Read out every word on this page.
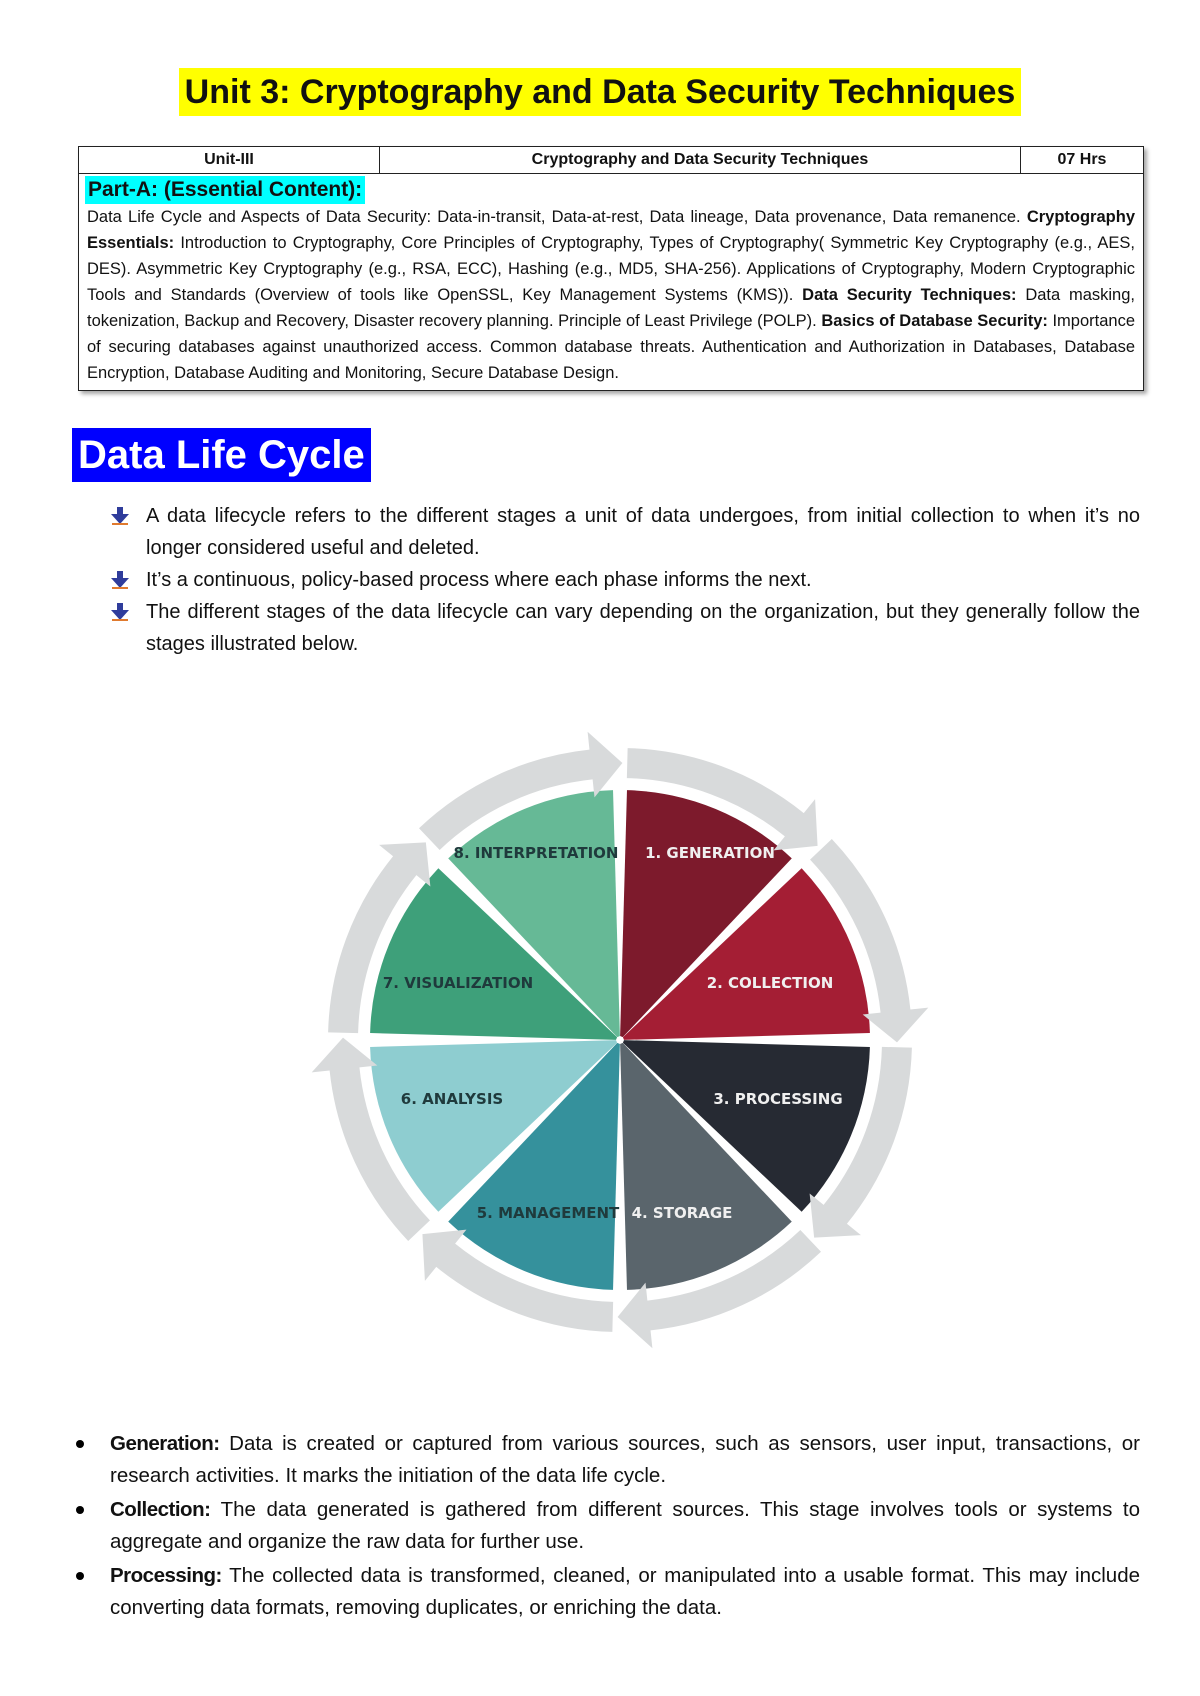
Unit 3: Cryptography and Data Security Techniques
Unit-III	Cryptography and Data Security Techniques	07 Hrs
Part-A: (Essential Content):

Data Life Cycle and Aspects of Data Security: Data-in-transit, Data-at-rest, Data lineage, Data provenance, Data remanence. Cryptography Essentials: Introduction to Cryptography, Core Principles of Cryptography, Types of Cryptography( Symmetric Key Cryptography (e.g., AES, DES). Asymmetric Key Cryptography (e.g., RSA, ECC), Hashing (e.g., MD5, SHA-256). Applications of Cryptography, Modern Cryptographic Tools and Standards (Overview of tools like OpenSSL, Key Management Systems (KMS)). Data Security Techniques: Data masking, tokenization, Backup and Recovery, Disaster recovery planning. Principle of Least Privilege (POLP). Basics of Database Security: Importance of securing databases against unauthorized access. Common database threats. Authentication and Authorization in Databases, Database Encryption, Database Auditing and Monitoring, Secure Database Design.

Data Life Cycle
A data lifecycle refers to the different stages a unit of data undergoes, from initial collection to when it’s no longer considered useful and deleted.
It’s a continuous, policy-based process where each phase informs the next.
The different stages of the data lifecycle can vary depending on the organization, but they generally follow the stages illustrated below.
1. GENERATION
2. COLLECTION
3. PROCESSING
4. STORAGE
5. MANAGEMENT
6. ANALYSIS
7. VISUALIZATION
8. INTERPRETATION
Generation: Data is created or captured from various sources, such as sensors, user input, transactions, or research activities. It marks the initiation of the data life cycle.
Collection: The data generated is gathered from different sources. This stage involves tools or systems to aggregate and organize the raw data for further use.
Processing: The collected data is transformed, cleaned, or manipulated into a usable format. This may include converting data formats, removing duplicates, or enriching the data.
